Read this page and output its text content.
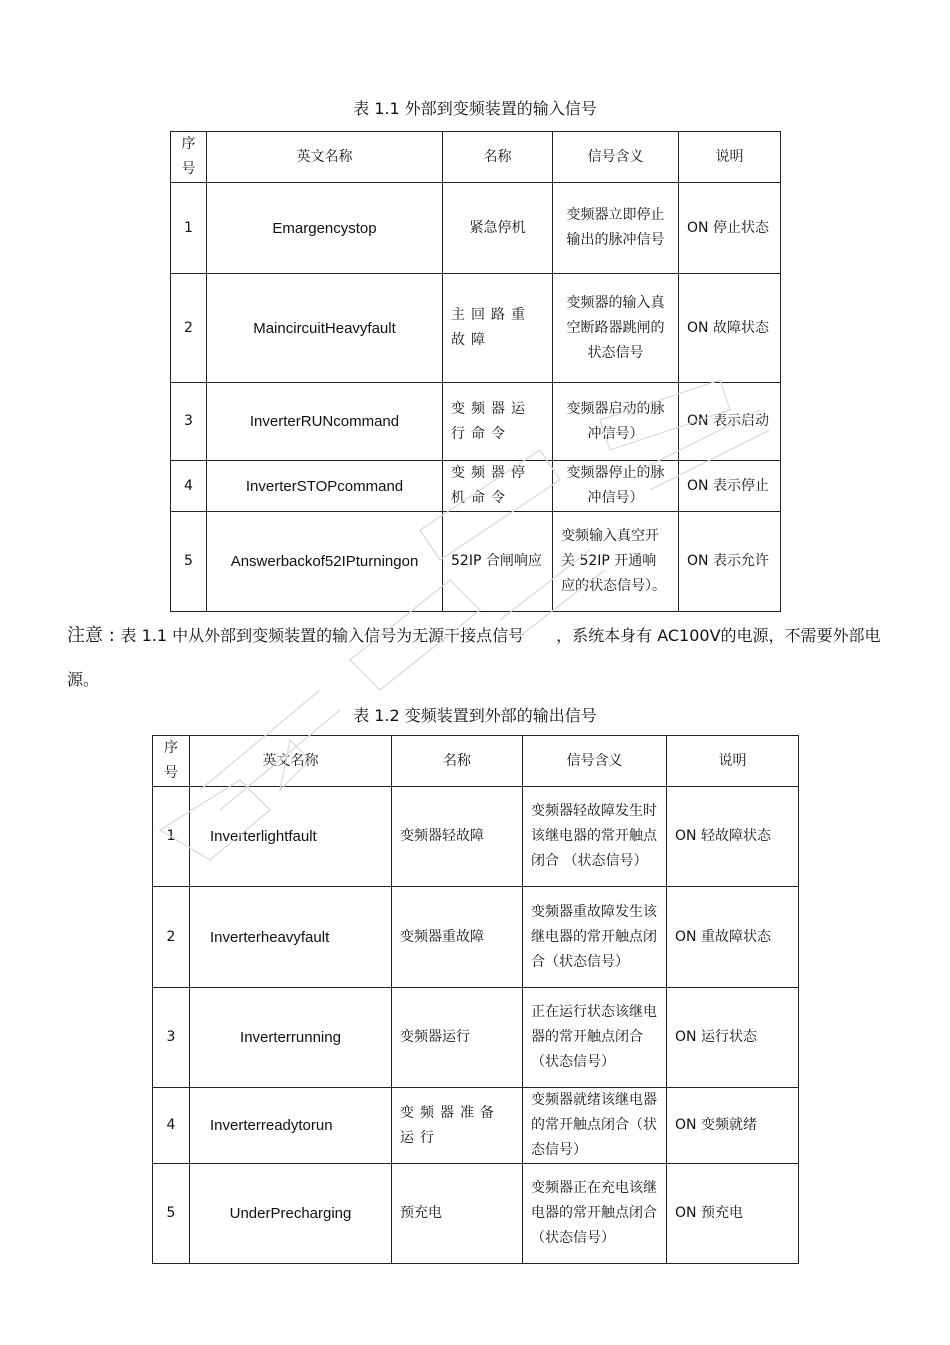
表 1.1 外部到变频装置的输入信号
序号	英文名称	名称	信号含义	说明
1	Emargencystop	紧急停机	变频器立即停止输出的脉冲信号	ON 停止状态
2	MaincircuitHeavyfault	主回路重故障	变频器的输入真空断路器跳闸的状态信号	ON 故障状态
3	InverterRUNcommand	变频器运行命令	变频器启动的脉冲信号）	ON 表示启动
4	InverterSTOPcommand	变频器停机命令	变频器停止的脉冲信号）	ON 表示停止
5	Answerbackof52IPturningon	52IP 合闸响应	变频输入真空开关 52IP 开通响应的状态信号）。	ON 表示允许
注意 : 表 1.1 中从外部到变频装置的输入信号为无源干接点信号　　，系统本身有 AC100V的电源，不需要外部电源。
表 1.2 变频装置到外部的输出信号
序号	英文名称	名称	信号含义	说明
1	Inverterlightfault	变频器轻故障	变频器轻故障发生时该继电器的常开触点闭合 （状态信号）	ON 轻故障状态
2	Inverterheavyfault	变频器重故障	变频器重故障发生该继电器的常开触点闭合（状态信号）	ON 重故障状态
3	Inverterrunning	变频器运行	正在运行状态该继电器的常开触点闭合（状态信号）	ON 运行状态
4	Inverterreadytorun	变频器准备运行	变频器就绪该继电器的常开触点闭合（状态信号）	ON 变频就绪
5	UnderPrecharging	预充电	变频器正在充电该继电器的常开触点闭合（状态信号）	ON 预充电
